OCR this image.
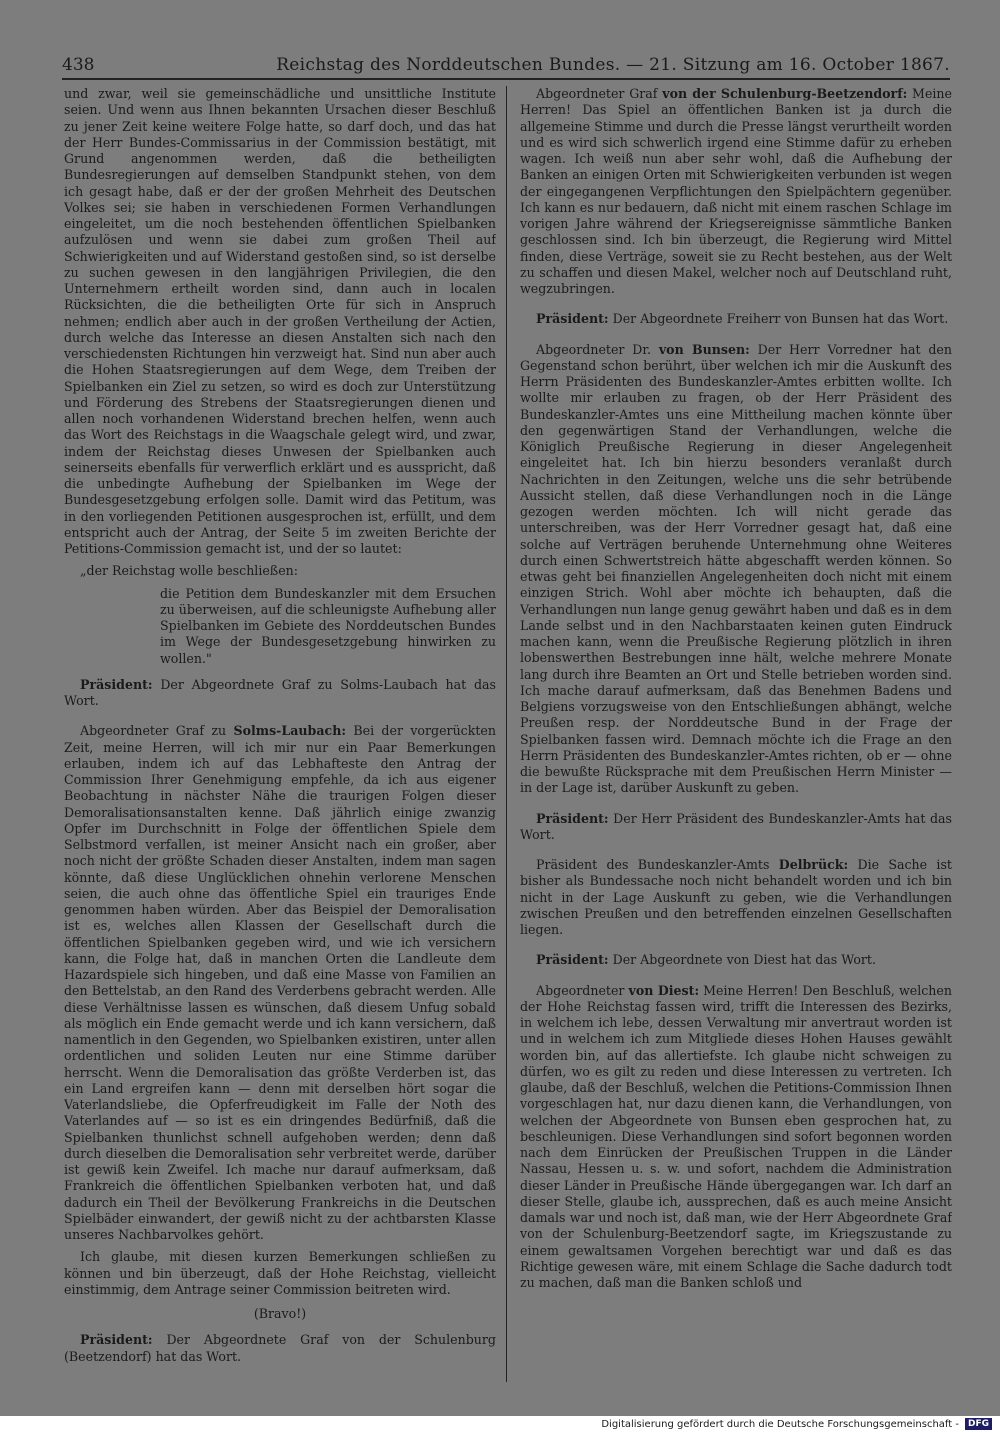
438	Reichstag des Norddeutschen Bundes. — 21. Sitzung am 16. October 1867.

und zwar, weil sie gemeinschädliche und unsittliche Institute seien. Und wenn aus Ihnen bekannten Ursachen dieser Beschluß zu jener Zeit keine weitere Folge hatte, so darf doch, und das hat der Herr Bundes-Commissarius in der Commission bestätigt, mit Grund angenommen werden, daß die betheiligten Bundesregierungen auf demselben Standpunkt stehen, von dem ich gesagt habe, daß er der der großen Mehrheit des Deutschen Volkes sei; sie haben in verschiedenen Formen Verhandlungen eingeleitet, um die noch bestehenden öffentlichen Spielbanken aufzulösen und wenn sie dabei zum großen Theil auf Schwierigkeiten und auf Widerstand gestoßen sind, so ist derselbe zu suchen gewesen in den langjährigen Privilegien, die den Unternehmern ertheilt worden sind, dann auch in localen Rücksichten, die die betheiligten Orte für sich in Anspruch nehmen; endlich aber auch in der großen Vertheilung der Actien, durch welche das Interesse an diesen Anstalten sich nach den verschiedensten Richtungen hin verzweigt hat. Sind nun aber auch die Hohen Staatsregierungen auf dem Wege, dem Treiben der Spielbanken ein Ziel zu setzen, so wird es doch zur Unterstützung und Förderung des Strebens der Staatsregierungen dienen und allen noch vorhandenen Widerstand brechen helfen, wenn auch das Wort des Reichstags in die Waagschale gelegt wird, und zwar, indem der Reichstag dieses Unwesen der Spielbanken auch seinerseits ebenfalls für verwerflich erklärt und es ausspricht, daß die unbedingte Aufhebung der Spielbanken im Wege der Bundesgesetzgebung erfolgen solle. Damit wird das Petitum, was in den vorliegenden Petitionen ausgesprochen ist, erfüllt, und dem entspricht auch der Antrag, der Seite 5 im zweiten Berichte der Petitions-Commission gemacht ist, und der so lautet:

„der Reichstag wolle beschließen:

die Petition dem Bundeskanzler mit dem Ersuchen zu überweisen, auf die schleunigste Aufhebung aller Spielbanken im Gebiete des Norddeutschen Bundes im Wege der Bundesgesetzgebung hinwirken zu wollen."

Präsident: Der Abgeordnete Graf zu Solms-Laubach hat das Wort.

Abgeordneter Graf zu Solms-Laubach: Bei der vorgerückten Zeit, meine Herren, will ich mir nur ein Paar Bemerkungen erlauben, indem ich auf das Lebhafteste den Antrag der Commission Ihrer Genehmigung empfehle, da ich aus eigener Beobachtung in nächster Nähe die traurigen Folgen dieser Demoralisationsanstalten kenne. Daß jährlich einige zwanzig Opfer im Durchschnitt in Folge der öffentlichen Spiele dem Selbstmord verfallen, ist meiner Ansicht nach ein großer, aber noch nicht der größte Schaden dieser Anstalten, indem man sagen könnte, daß diese Unglücklichen ohnehin verlorene Menschen seien, die auch ohne das öffentliche Spiel ein trauriges Ende genommen haben würden. Aber das Beispiel der Demoralisation ist es, welches allen Klassen der Gesellschaft durch die öffentlichen Spielbanken gegeben wird, und wie ich versichern kann, die Folge hat, daß in manchen Orten die Landleute dem Hazardspiele sich hingeben, und daß eine Masse von Familien an den Bettelstab, an den Rand des Verderbens gebracht werden. Alle diese Verhältnisse lassen es wünschen, daß diesem Unfug sobald als möglich ein Ende gemacht werde und ich kann versichern, daß namentlich in den Gegenden, wo Spielbanken existiren, unter allen ordentlichen und soliden Leuten nur eine Stimme darüber herrscht. Wenn die Demoralisation das größte Verderben ist, das ein Land ergreifen kann — denn mit derselben hört sogar die Vaterlandsliebe, die Opferfreudigkeit im Falle der Noth des Vaterlandes auf — so ist es ein dringendes Bedürfniß, daß die Spielbanken thunlichst schnell aufgehoben werden; denn daß durch dieselben die Demoralisation sehr verbreitet werde, darüber ist gewiß kein Zweifel. Ich mache nur darauf aufmerksam, daß Frankreich die öffentlichen Spielbanken verboten hat, und daß dadurch ein Theil der Bevölkerung Frankreichs in die Deutschen Spielbäder einwandert, der gewiß nicht zu der achtbarsten Klasse unseres Nachbarvolkes gehört.

Ich glaube, mit diesen kurzen Bemerkungen schließen zu können und bin überzeugt, daß der Hohe Reichstag, vielleicht einstimmig, dem Antrage seiner Commission beitreten wird.

(Bravo!)

Präsident: Der Abgeordnete Graf von der Schulenburg (Beetzendorf) hat das Wort.

Abgeordneter Graf von der Schulenburg-Beetzendorf: Meine Herren! Das Spiel an öffentlichen Banken ist ja durch die allgemeine Stimme und durch die Presse längst verurtheilt worden und es wird sich schwerlich irgend eine Stimme dafür zu erheben wagen. Ich weiß nun aber sehr wohl, daß die Aufhebung der Banken an einigen Orten mit Schwierigkeiten verbunden ist wegen der eingegangenen Verpflichtungen den Spielpächtern gegenüber. Ich kann es nur bedauern, daß nicht mit einem raschen Schlage im vorigen Jahre während der Kriegsereignisse sämmtliche Banken geschlossen sind. Ich bin überzeugt, die Regierung wird Mittel finden, diese Verträge, soweit sie zu Recht bestehen, aus der Welt zu schaffen und diesen Makel, welcher noch auf Deutschland ruht, wegzubringen.

Präsident: Der Abgeordnete Freiherr von Bunsen hat das Wort.

Abgeordneter Dr. von Bunsen: Der Herr Vorredner hat den Gegenstand schon berührt, über welchen ich mir die Auskunft des Herrn Präsidenten des Bundeskanzler-Amtes erbitten wollte. Ich wollte mir erlauben zu fragen, ob der Herr Präsident des Bundeskanzler-Amtes uns eine Mittheilung machen könnte über den gegenwärtigen Stand der Verhandlungen, welche die Königlich Preußische Regierung in dieser Angelegenheit eingeleitet hat. Ich bin hierzu besonders veranlaßt durch Nachrichten in den Zeitungen, welche uns die sehr betrübende Aussicht stellen, daß diese Verhandlungen noch in die Länge gezogen werden möchten. Ich will nicht gerade das unterschreiben, was der Herr Vorredner gesagt hat, daß eine solche auf Verträgen beruhende Unternehmung ohne Weiteres durch einen Schwertstreich hätte abgeschafft werden können. So etwas geht bei finanziellen Angelegenheiten doch nicht mit einem einzigen Strich. Wohl aber möchte ich behaupten, daß die Verhandlungen nun lange genug gewährt haben und daß es in dem Lande selbst und in den Nachbarstaaten keinen guten Eindruck machen kann, wenn die Preußische Regierung plötzlich in ihren lobenswerthen Bestrebungen inne hält, welche mehrere Monate lang durch ihre Beamten an Ort und Stelle betrieben worden sind. Ich mache darauf aufmerksam, daß das Benehmen Badens und Belgiens vorzugsweise von den Entschließungen abhängt, welche Preußen resp. der Norddeutsche Bund in der Frage der Spielbanken fassen wird. Demnach möchte ich die Frage an den Herrn Präsidenten des Bundeskanzler-Amtes richten, ob er — ohne die bewußte Rücksprache mit dem Preußischen Herrn Minister — in der Lage ist, darüber Auskunft zu geben.

Präsident: Der Herr Präsident des Bundeskanzler-Amts hat das Wort.

Präsident des Bundeskanzler-Amts Delbrück: Die Sache ist bisher als Bundessache noch nicht behandelt worden und ich bin nicht in der Lage Auskunft zu geben, wie die Verhandlungen zwischen Preußen und den betreffenden einzelnen Gesellschaften liegen.

Präsident: Der Abgeordnete von Diest hat das Wort.

Abgeordneter von Diest: Meine Herren! Den Beschluß, welchen der Hohe Reichstag fassen wird, trifft die Interessen des Bezirks, in welchem ich lebe, dessen Verwaltung mir anvertraut worden ist und in welchem ich zum Mitgliede dieses Hohen Hauses gewählt worden bin, auf das allertiefste. Ich glaube nicht schweigen zu dürfen, wo es gilt zu reden und diese Interessen zu vertreten. Ich glaube, daß der Beschluß, welchen die Petitions-Commission Ihnen vorgeschlagen hat, nur dazu dienen kann, die Verhandlungen, von welchen der Abgeordnete von Bunsen eben gesprochen hat, zu beschleunigen. Diese Verhandlungen sind sofort begonnen worden nach dem Einrücken der Preußischen Truppen in die Länder Nassau, Hessen u. s. w. und sofort, nachdem die Administration dieser Länder in Preußische Hände übergegangen war. Ich darf an dieser Stelle, glaube ich, aussprechen, daß es auch meine Ansicht damals war und noch ist, daß man, wie der Herr Abgeordnete Graf von der Schulenburg-Beetzendorf sagte, im Kriegszustande zu einem gewaltsamen Vorgehen berechtigt war und daß es das Richtige gewesen wäre, mit einem Schlage die Sache dadurch todt zu machen, daß man die Banken schloß und

Digitalisierung gefördert durch die Deutsche Forschungsgemeinschaft -	DFG
